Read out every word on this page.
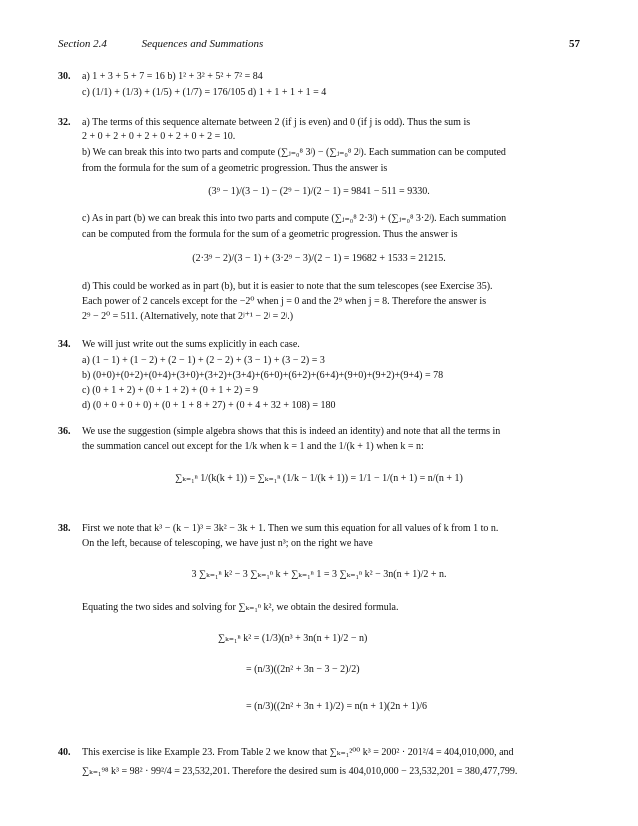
Section 2.4	Sequences and Summations	57
30. a) 1 + 3 + 5 + 7 = 16 b) 1² + 3² + 5² + 7² = 84
c) (1/1) + (1/3) + (1/5) + (1/7) = 176/105 d) 1 + 1 + 1 + 1 = 4
32. a) The terms of this sequence alternate between 2 (if j is even) and 0 (if j is odd). Thus the sum is
2 + 0 + 2 + 0 + 2 + 0 + 2 + 0 + 2 = 10.
b) We can break this into two parts and compute (∑ⱼ₌₀⁸ 3ʲ) − (∑ⱼ₌₀⁸ 2ʲ). Each summation can be computed
from the formula for the sum of a geometric progression. Thus the answer is
(3⁹ − 1)/(3 − 1) − (2⁹ − 1)/(2 − 1) = 9841 − 511 = 9330.
c) As in part (b) we can break this into two parts and compute (∑ⱼ₌₀⁸ 2·3ʲ) + (∑ⱼ₌₀⁸ 3·2ʲ). Each summation
can be computed from the formula for the sum of a geometric progression. Thus the answer is
(2·3⁹ − 2)/(3 − 1) + (3·2⁹ − 3)/(2 − 1) = 19682 + 1533 = 21215.
d) This could be worked as in part (b), but it is easier to note that the sum telescopes (see Exercise 35).
Each power of 2 cancels except for the −2⁰ when j = 0 and the 2⁹ when j = 8. Therefore the answer is
2⁹ − 2⁰ = 511. (Alternatively, note that 2ʲ⁺¹ − 2ʲ = 2ʲ.)
34. We will just write out the sums explicitly in each case.
a) (1 − 1) + (1 − 2) + (2 − 1) + (2 − 2) + (3 − 1) + (3 − 2) = 3
b) (0+0)+(0+2)+(0+4)+(3+0)+(3+2)+(3+4)+(6+0)+(6+2)+(6+4)+(9+0)+(9+2)+(9+4) = 78
c) (0 + 1 + 2) + (0 + 1 + 2) + (0 + 1 + 2) = 9
d) (0 + 0 + 0 + 0) + (0 + 1 + 8 + 27) + (0 + 4 + 32 + 108) = 180
36. We use the suggestion (simple algebra shows that this is indeed an identity) and note that all the terms in
the summation cancel out except for the 1/k when k = 1 and the 1/(k + 1) when k = n:
∑ₖ₌₁ⁿ 1/(k(k + 1)) = ∑ₖ₌₁ⁿ (1/k − 1/(k + 1)) = 1/1 − 1/(n + 1) = n/(n + 1)
38. First we note that k³ − (k − 1)³ = 3k² − 3k + 1. Then we sum this equation for all values of k from 1 to n.
On the left, because of telescoping, we have just n³; on the right we have
3 ∑ₖ₌₁ⁿ k² − 3 ∑ₖ₌₁ⁿ k + ∑ₖ₌₁ⁿ 1 = 3 ∑ₖ₌₁ⁿ k² − 3n(n + 1)/2 + n.
Equating the two sides and solving for ∑ₖ₌₁ⁿ k², we obtain the desired formula.
∑ₖ₌₁ⁿ k² = (1/3)(n³ + 3n(n + 1)/2 − n)
= (n/3)((2n² + 3n − 3 − 2)/2)
= (n/3)((2n² + 3n + 1)/2) = n(n + 1)(2n + 1)/6
40. This exercise is like Example 23. From Table 2 we know that ∑ₖ₌₁²⁰⁰ k³ = 200² · 201²/4 = 404,010,000, and
∑ₖ₌₁⁹⁸ k³ = 98² · 99²/4 = 23,532,201. Therefore the desired sum is 404,010,000 − 23,532,201 = 380,477,799.
